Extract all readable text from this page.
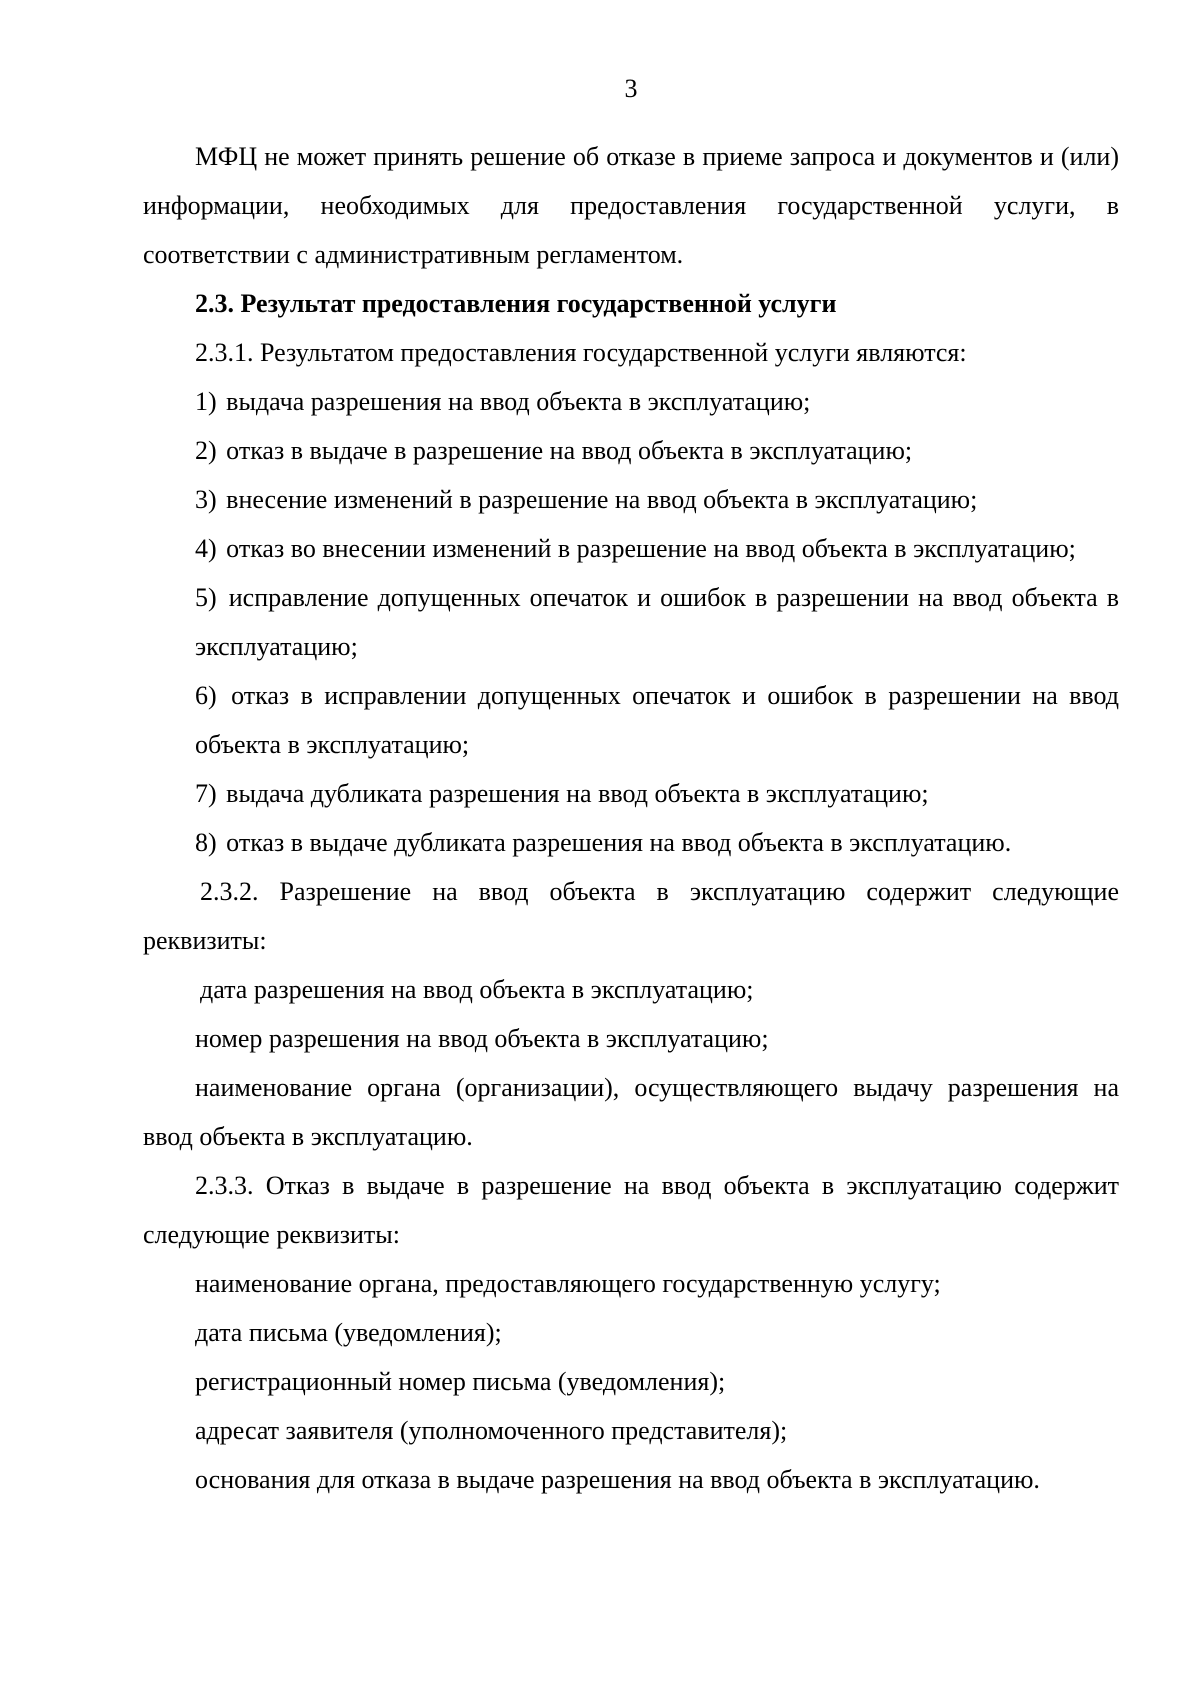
3

МФЦ не может принять решение об отказе в приеме запроса и документов и (или) информации, необходимых для предоставления государственной услуги, в соответствии с административным регламентом.

2.3. Результат предоставления государственной услуги

2.3.1. Результатом предоставления государственной услуги являются:

1) выдача разрешения на ввод объекта в эксплуатацию;

2) отказ в выдаче в разрешение на ввод объекта в эксплуатацию;

3) внесение изменений в разрешение на ввод объекта в эксплуатацию;

4) отказ во внесении изменений в разрешение на ввод объекта в эксплуатацию;

5) исправление допущенных опечаток и ошибок в разрешении на ввод объекта в эксплуатацию;

6) отказ в исправлении допущенных опечаток и ошибок в разрешении на ввод объекта в эксплуатацию;

7) выдача дубликата разрешения на ввод объекта в эксплуатацию;

8) отказ в выдаче дубликата разрешения на ввод объекта в эксплуатацию.

2.3.2. Разрешение на ввод объекта в эксплуатацию содержит следующие реквизиты:

дата разрешения на ввод объекта в эксплуатацию;

номер разрешения на ввод объекта в эксплуатацию;

наименование органа (организации), осуществляющего выдачу разрешения на ввод объекта в эксплуатацию.

2.3.3. Отказ в выдаче в разрешение на ввод объекта в эксплуатацию содержит следующие реквизиты:

наименование органа, предоставляющего государственную услугу;

дата письма (уведомления);

регистрационный номер письма (уведомления);

адресат заявителя (уполномоченного представителя);

основания для отказа в выдаче разрешения на ввод объекта в эксплуатацию.
